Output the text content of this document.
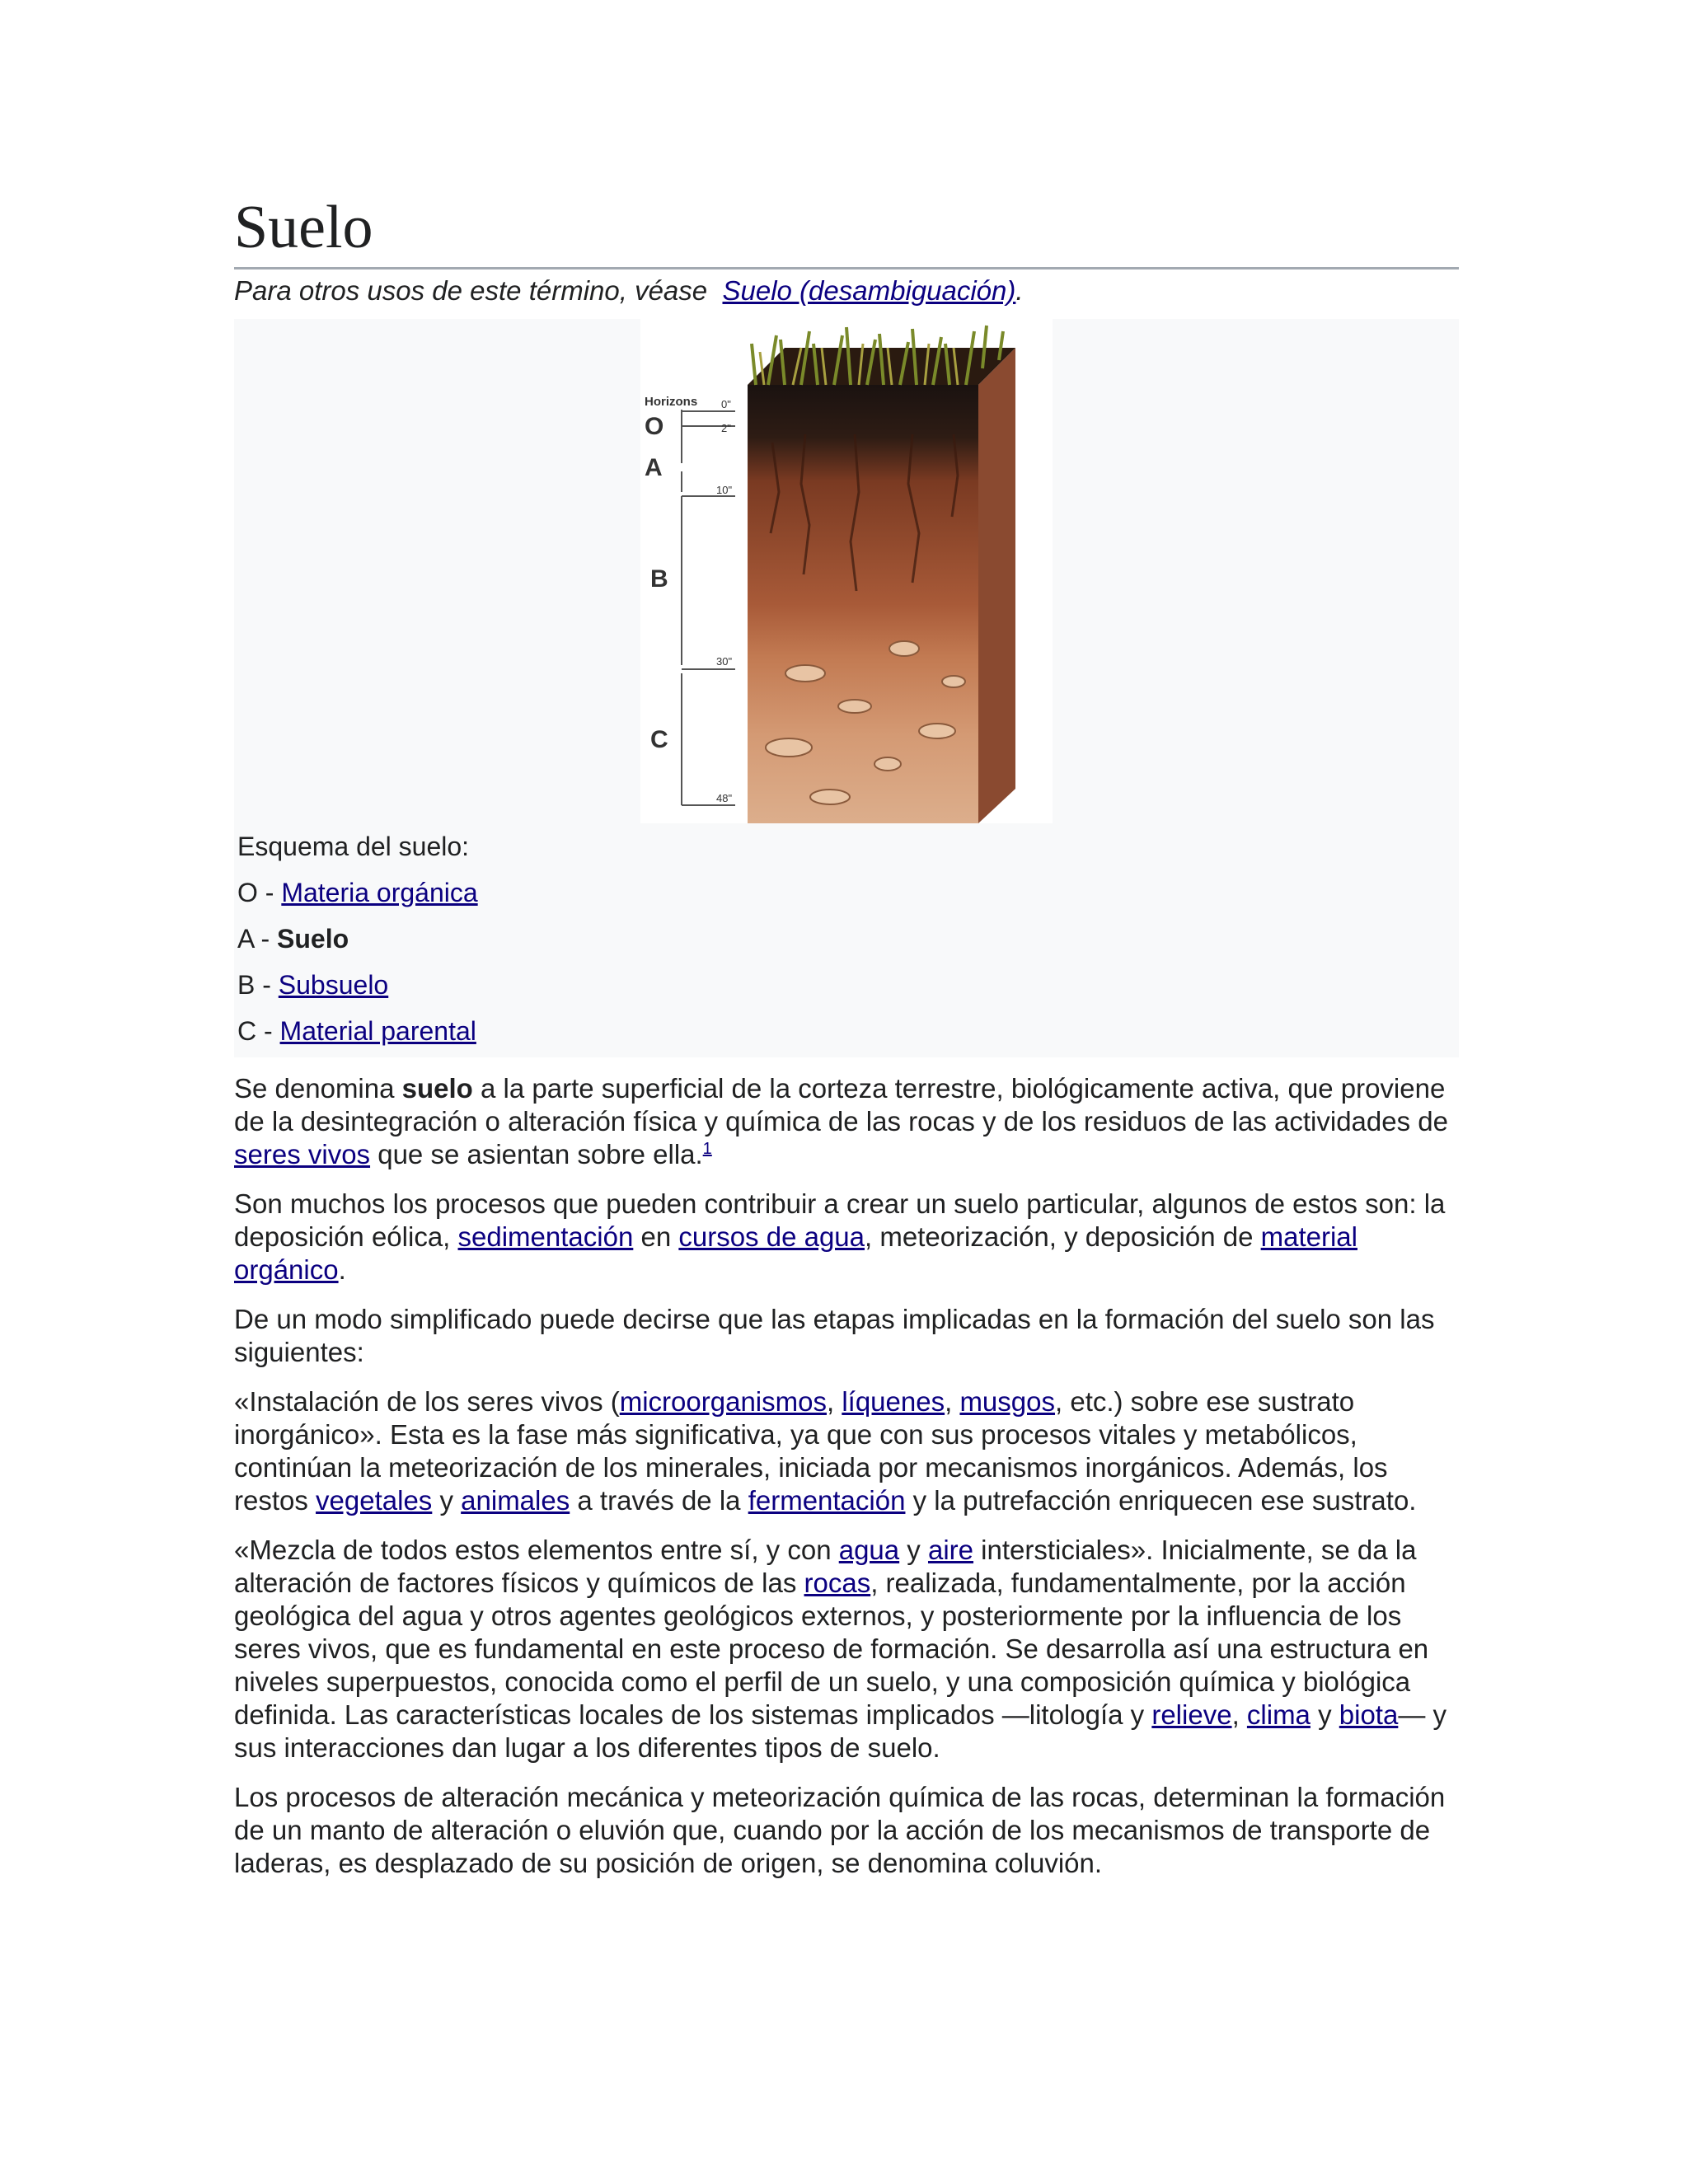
Suelo

Para otros usos de este término, véase Suelo (desambiguación).

Horizons
O
A
B
C
0"
2"
10"
30"
48"

Esquema del suelo:

O - Materia orgánica

A - Suelo

B - Subsuelo

C - Material parental

Se denomina suelo a la parte superficial de la corteza terrestre, biológicamente activa, que proviene de la desintegración o alteración física y química de las rocas y de los residuos de las actividades de seres vivos que se asientan sobre ella.$^1$

Son muchos los procesos que pueden contribuir a crear un suelo particular, algunos de estos son: la deposición eólica, sedimentación en cursos de agua, meteorización, y deposición de material orgánico.

De un modo simplificado puede decirse que las etapas implicadas en la formación del suelo son las siguientes:

«Instalación de los seres vivos (microorganismos, líquenes, musgos, etc.) sobre ese sustrato inorgánico». Esta es la fase más significativa, ya que con sus procesos vitales y metabólicos, continúan la meteorización de los minerales, iniciada por mecanismos inorgánicos. Además, los restos vegetales y animales a través de la fermentación y la putrefacción enriquecen ese sustrato.

«Mezcla de todos estos elementos entre sí, y con agua y aire intersticiales». Inicialmente, se da la alteración de factores físicos y químicos de las rocas, realizada, fundamentalmente, por la acción geológica del agua y otros agentes geológicos externos, y posteriormente por la influencia de los seres vivos, que es fundamental en este proceso de formación. Se desarrolla así una estructura en niveles superpuestos, conocida como el perfil de un suelo, y una composición química y biológica definida. Las características locales de los sistemas implicados —litología y relieve, clima y biota— y sus interacciones dan lugar a los diferentes tipos de suelo.

Los procesos de alteración mecánica y meteorización química de las rocas, determinan la formación de un manto de alteración o eluvión que, cuando por la acción de los mecanismos de transporte de laderas, es desplazado de su posición de origen, se denomina coluvión.
